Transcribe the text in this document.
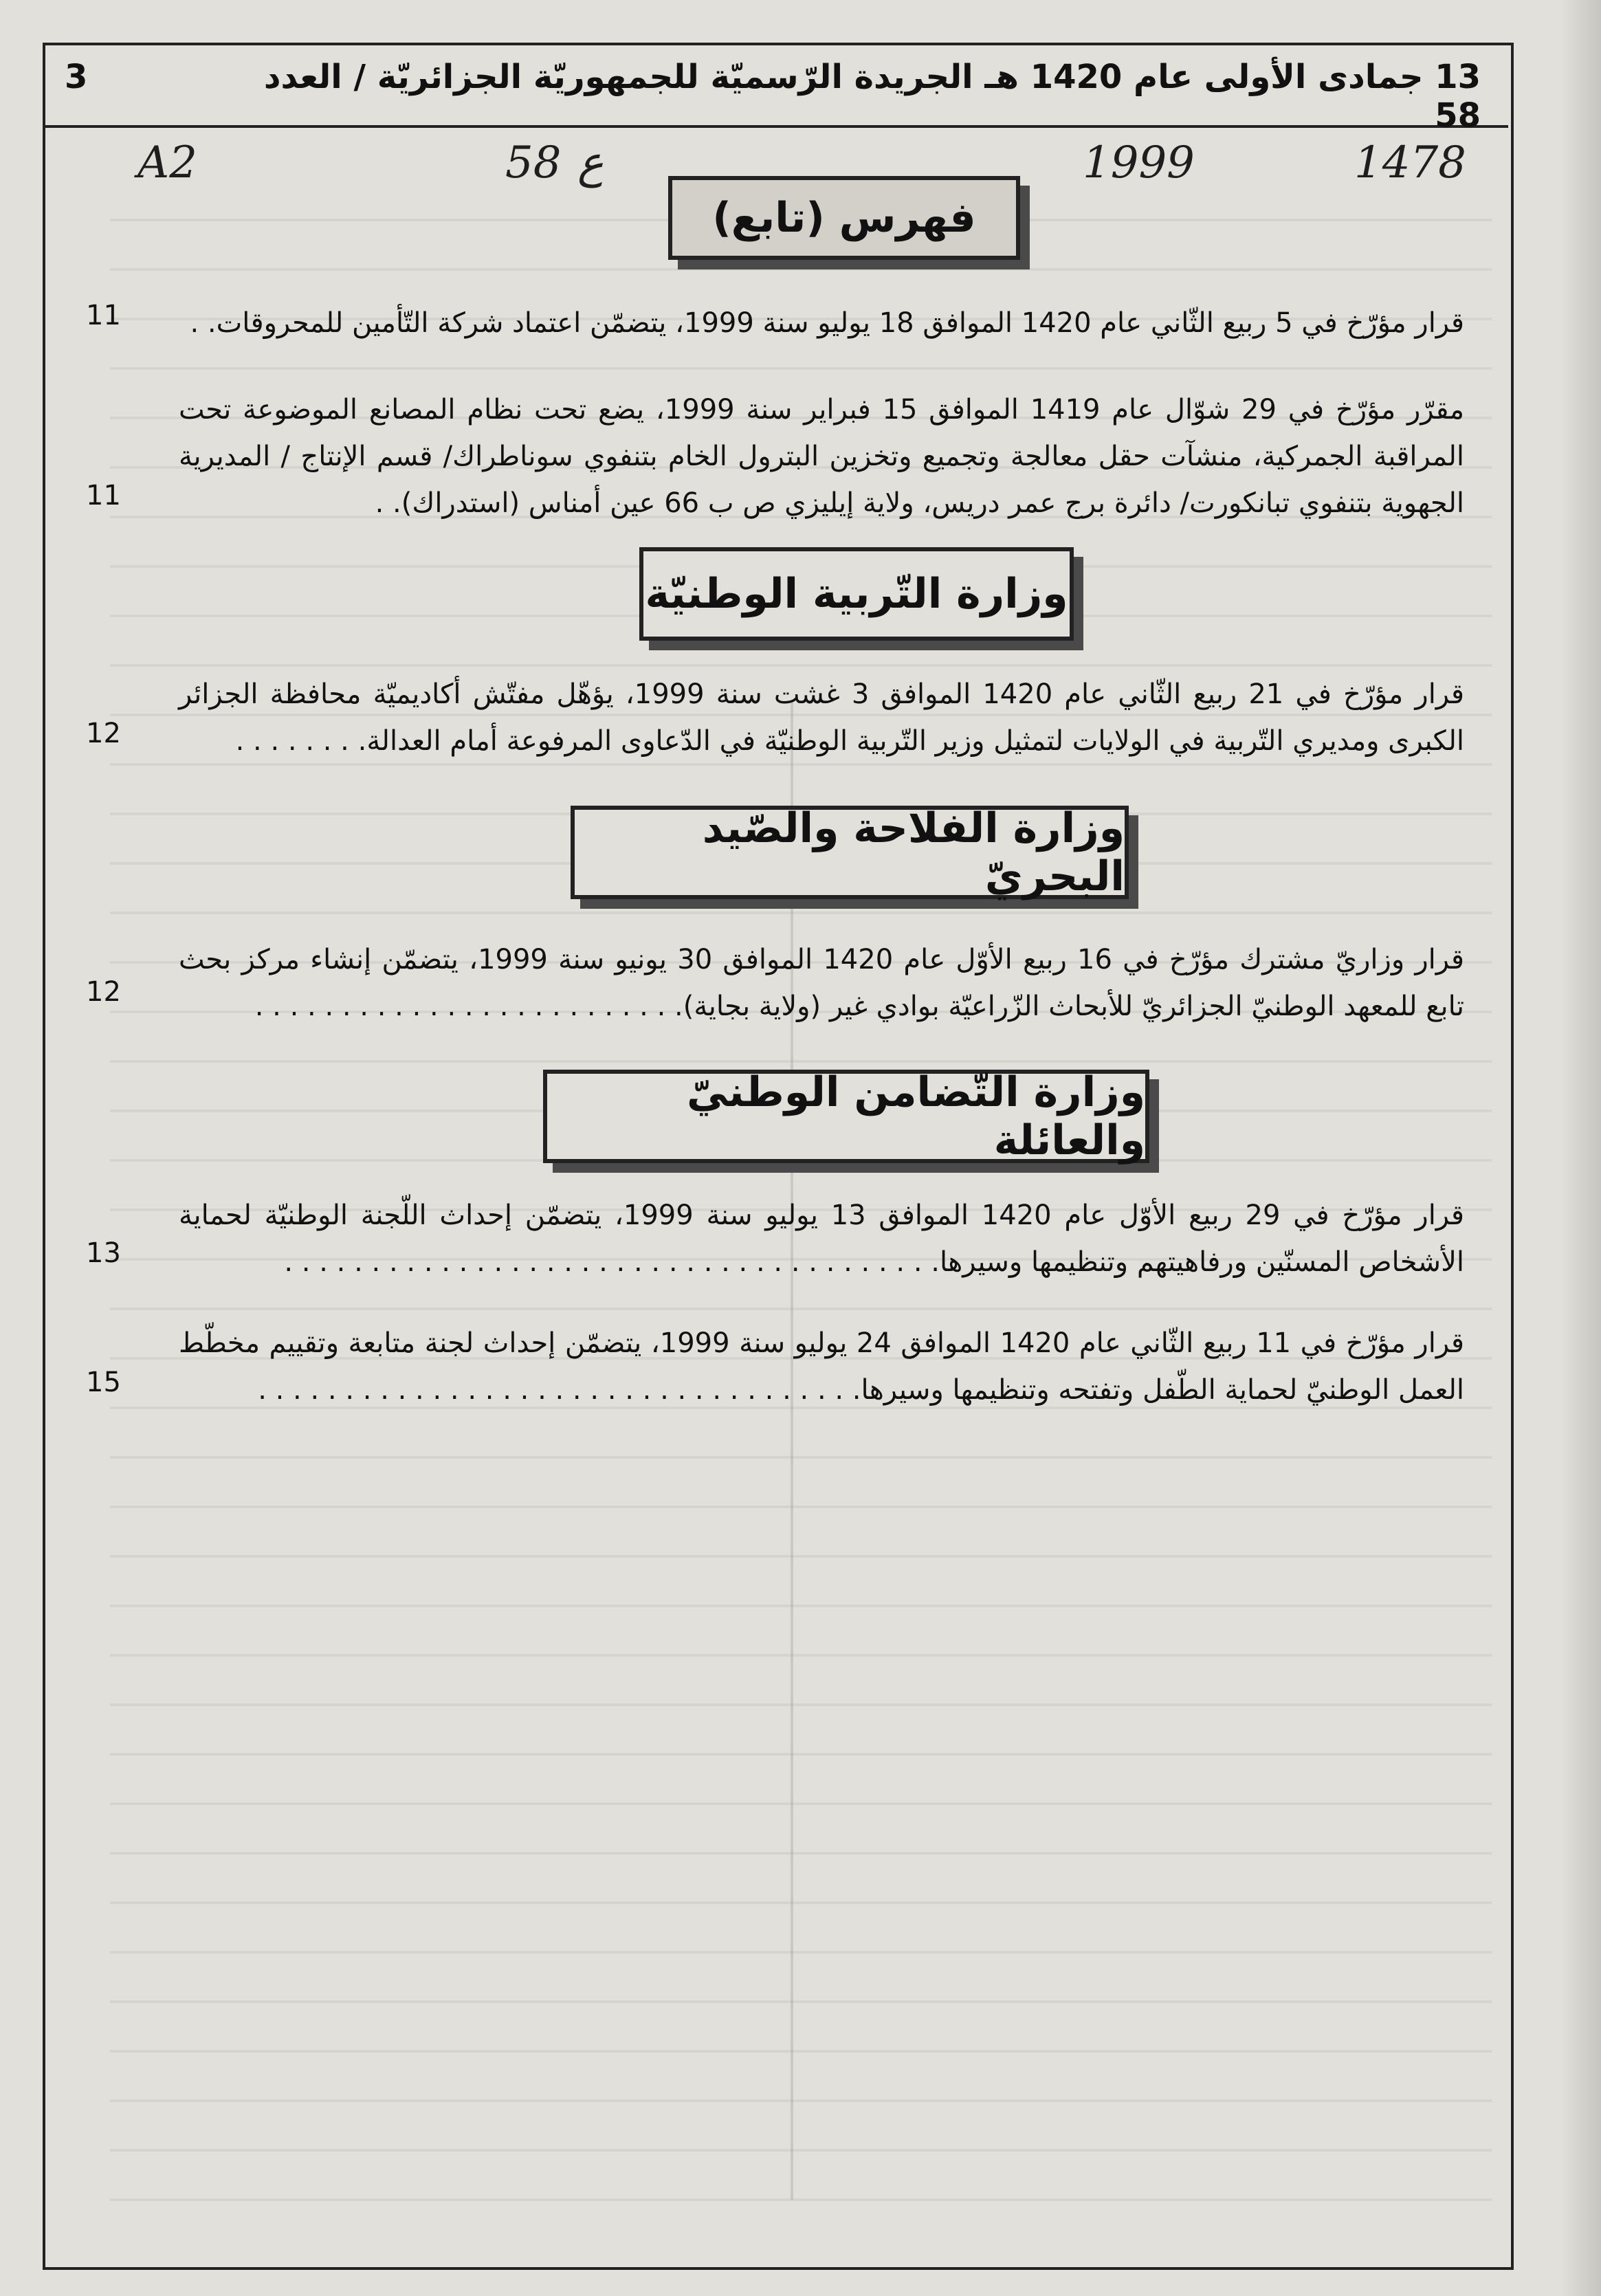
13 جمادى الأولى عام 1420 هـ الجريدة الرّسميّة للجمهوريّة الجزائريّة / العدد 58
3
A2	58 ع	1999	1478
فهرس (تابع)
قرار مؤرّخ في 5 ربيع الثّاني عام 1420 الموافق 18 يوليو سنة 1999، يتضمّن اعتماد شركة التّأمين للمحروقات. .
11
مقرّر مؤرّخ في 29 شوّال عام 1419 الموافق 15 فبراير سنة 1999، يضع تحت نظام المصانع الموضوعة تحت المراقبة الجمركية، منشآت حقل معالجة وتجميع وتخزين البترول الخام بتنفوي سوناطراك/ قسم الإنتاج / المديرية الجهوية بتنفوي تبانكورت/ دائرة برج عمر دريس، ولاية إيليزي ص ب 66 عين أمناس (استدراك). .
11
وزارة التّربية الوطنيّة
قرار مؤرّخ في 21 ربيع الثّاني عام 1420 الموافق 3 غشت سنة 1999، يؤهّل مفتّش أكاديميّة محافظة الجزائر الكبرى ومديري التّربية في الولايات لتمثيل وزير التّربية الوطنيّة في الدّعاوى المرفوعة أمام العدالة. . . . . . . .
12
وزارة الفلاحة والصّيد البحريّ
قرار وزاريّ مشترك مؤرّخ في 16 ربيع الأوّل عام 1420 الموافق 30 يونيو سنة 1999، يتضمّن إنشاء مركز بحث تابع للمعهد الوطنيّ الجزائريّ للأبحاث الزّراعيّة بوادي غير (ولاية بجاية). . . . . . . . . . . . . . . . . . . . . . . . .
12
وزارة التّضامن الوطنيّ والعائلة
قرار مؤرّخ في 29 ربيع الأوّل عام 1420 الموافق 13 يوليو سنة 1999، يتضمّن إحداث اللّجنة الوطنيّة لحماية الأشخاص المسنّين ورفاهيتهم وتنظيمها وسيرها. . . . . . . . . . . . . . . . . . . . . . . . . . . . . . . . . . . . . .
13
قرار مؤرّخ في 11 ربيع الثّاني عام 1420 الموافق 24 يوليو سنة 1999، يتضمّن إحداث لجنة متابعة وتقييم مخطّط العمل الوطنيّ لحماية الطّفل وتفتحه وتنظيمها وسيرها. . . . . . . . . . . . . . . . . . . . . . . . . . . . . . . . . . .
15
